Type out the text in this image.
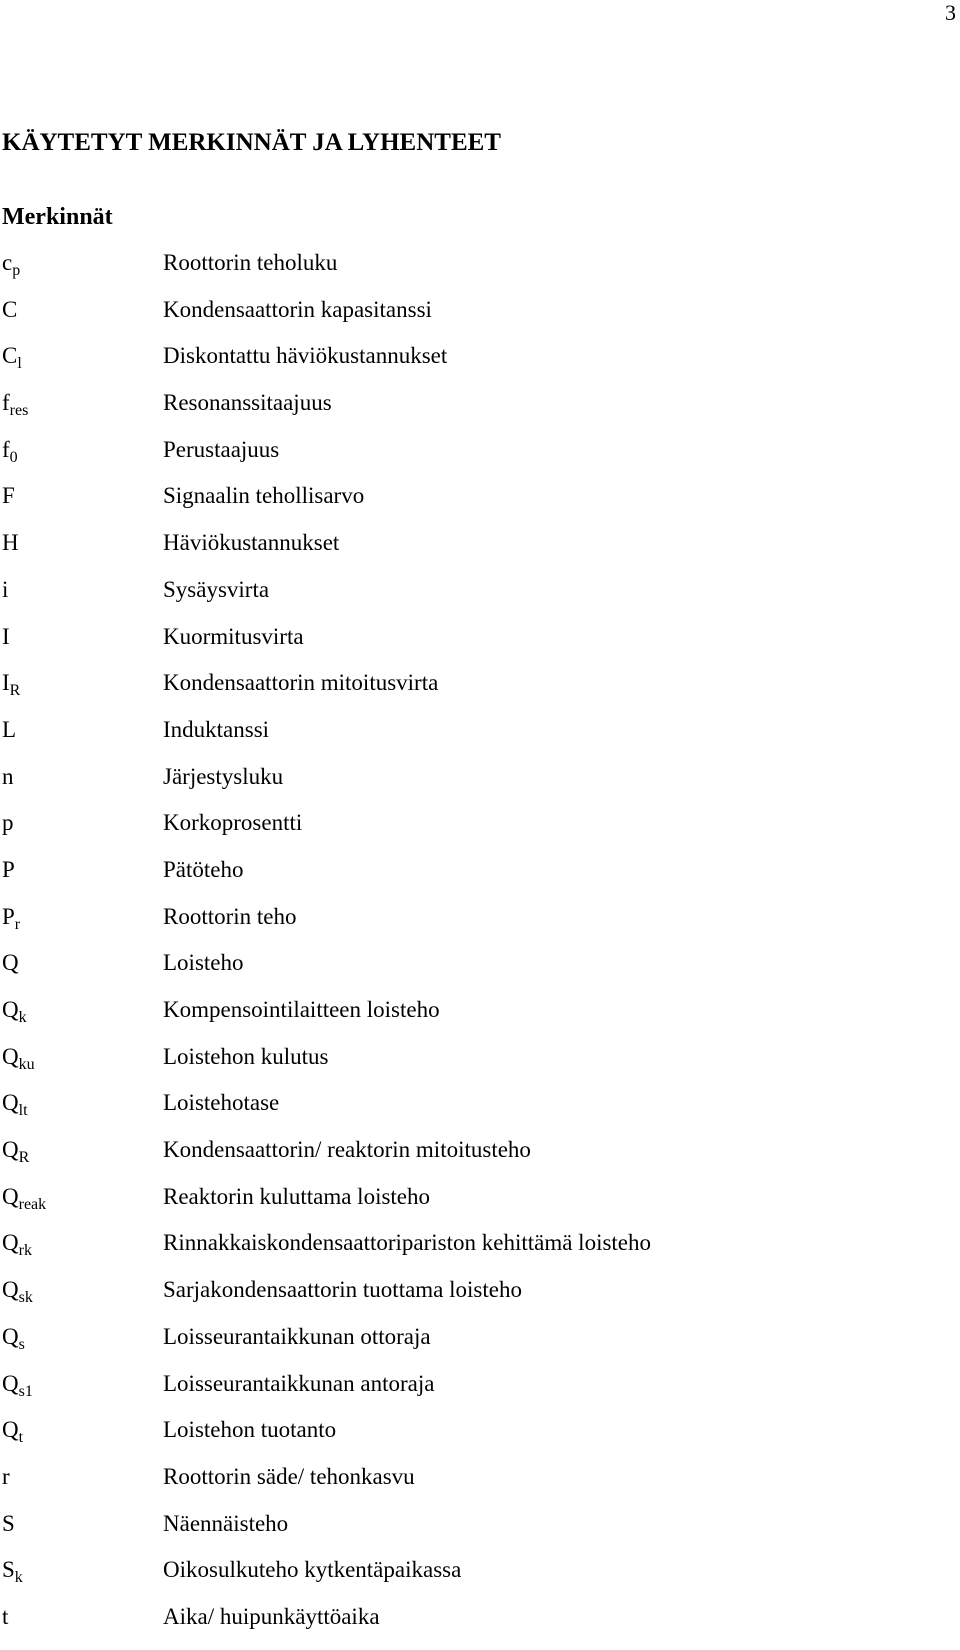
3
KÄYTETYT MERKINNÄT JA LYHENTEET
Merkinnät
$c_p$	Roottorin teholuku
C	Kondensaattorin kapasitanssi
$C_l$	Diskontattu häviökustannukset
$f_{res}$	Resonanssitaajuus
$f_0$	Perustaajuus
F	Signaalin tehollisarvo
H	Häviökustannukset
i	Sysäysvirta
I	Kuormitusvirta
$I_R$	Kondensaattorin mitoitusvirta
L	Induktanssi
n	Järjestysluku
p	Korkoprosentti
P	Pätöteho
$P_r$	Roottorin teho
Q	Loisteho
$Q_k$	Kompensointilaitteen loisteho
$Q_{ku}$	Loistehon kulutus
$Q_{lt}$	Loistehotase
$Q_R$	Kondensaattorin/ reaktorin mitoitusteho
$Q_{reak}$	Reaktorin kuluttama loisteho
$Q_{rk}$	Rinnakkaiskondensaattoripariston kehittämä loisteho
$Q_{sk}$	Sarjakondensaattorin tuottama loisteho
$Q_s$	Loisseurantaikkunan ottoraja
$Q_{s1}$	Loisseurantaikkunan antoraja
$Q_t$	Loistehon tuotanto
r	Roottorin säde/ tehonkasvu
S	Näennäisteho
$S_k$	Oikosulkuteho kytkentäpaikassa
t	Aika/ huipunkäyttöaika
